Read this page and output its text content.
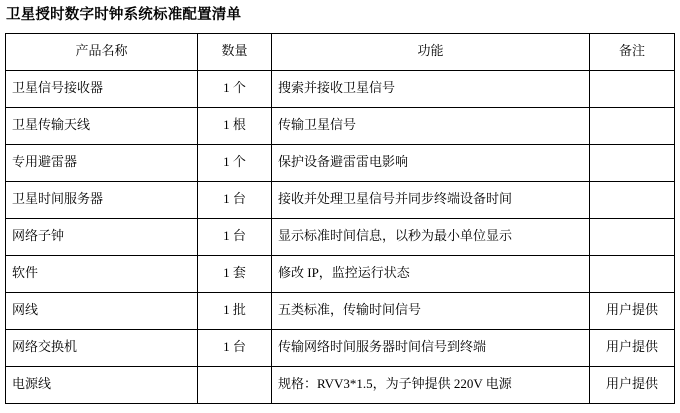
卫星授时数字时钟系统标准配置清单
产品名称	数量	功能	备注
卫星信号接收器	1 个	搜索并接收卫星信号	
卫星传输天线	1 根	传输卫星信号	
专用避雷器	1 个	保护设备避雷雷电影响	
卫星时间服务器	1 台	接收并处理卫星信号并同步终端设备时间	
网络子钟	1 台	显示标准时间信息，以秒为最小单位显示	
软件	1 套	修改 IP，监控运行状态	
网线	1 批	五类标准，传输时间信号	用户提供
网络交换机	1 台	传输网络时间服务器时间信号到终端	用户提供
电源线		规格：RVV3*1.5，为子钟提供 220V 电源	用户提供
